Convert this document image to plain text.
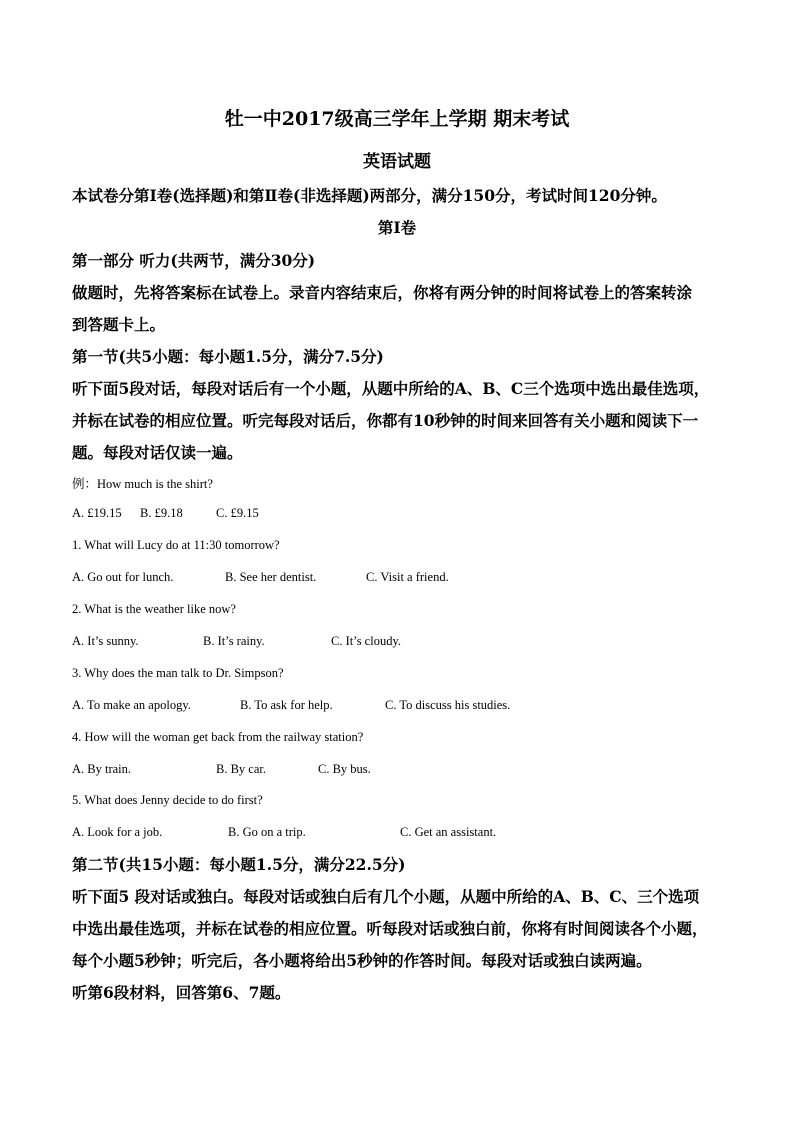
牡一中2017级高三学年上学期 期末考试
英语试题
本试卷分第Ⅰ卷(选择题)和第Ⅱ卷(非选择题)两部分，满分150分，考试时间120分钟。
第Ⅰ卷
第一部分 听力(共两节，满分30分)
做题时，先将答案标在试卷上。录音内容结束后，你将有两分钟的时间将试卷上的答案转涂
到答题卡上。
第一节(共5小题：每小题1.5分，满分7.5分)
听下面5段对话，每段对话后有一个小题，从题中所给的A、B、C三个选项中选出最佳选项，
并标在试卷的相应位置。听完每段对话后，你都有10秒钟的时间来回答有关小题和阅读下一
题。每段对话仅读一遍。
例：How much is the shirt?
A. £19.15 B. £9.18	C. £9.15
1. What will Lucy do at 11:30 tomorrow?
A. Go out for lunch.	B. See her dentist.	C. Visit a friend.
2. What is the weather like now?
A. It’s sunny.	B. It’s rainy.	C. It’s cloudy.
3. Why does the man talk to Dr. Simpson?
A. To make an apology.	B. To ask for help.	C. To discuss his studies.
4. How will the woman get back from the railway station?
A. By train.	B. By car.	C. By bus.
5. What does Jenny decide to do first?
A. Look for a job.	B. Go on a trip.	C. Get an assistant.
第二节(共15小题：每小题1.5分，满分22.5分)
听下面5 段对话或独白。每段对话或独白后有几个小题，从题中所给的A、B、C、三个选项
中选出最佳选项，并标在试卷的相应位置。听每段对话或独白前，你将有时间阅读各个小题，
每个小题5秒钟；听完后，各小题将给出5秒钟的作答时间。每段对话或独白读两遍。
听第6段材料，回答第6、7题。
